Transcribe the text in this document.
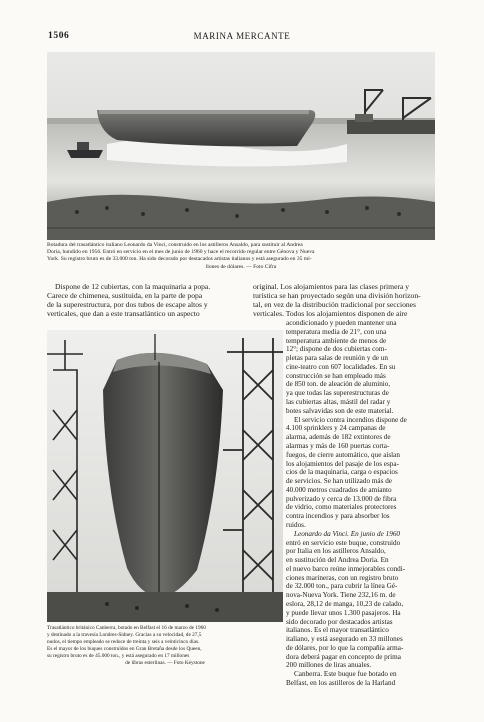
1506	MARINA MERCANTE
Botadura del trasatlántico italiano Leonardo da Vinci, construido en los astilleros Ansaldo, para sustituir al Andrea
Doria, hundido en 1956. Entró en servicio en el mes de junio de 1960 y hace el recorrido regular entre Génova y Nueva
York. Su registro bruto es de 33.000 ton. Ha sido decorado por destacados artistas italianos y está asegurado en 35 mi-
llones de dólares. — Foto Cifra
Dispone de 12 cubiertas, con la maquinaria a popa.
Carece de chimenea, sustituida, en la parte de popa
de la superestructura, por dos tubos de escape altos y
verticales, que dan a este transatlántico un aspecto
original. Los alojamientos para las clases primera y
turística se han proyectado según una división horizon-
tal, en vez de la distribución tradicional por secciones
verticales. Todos los alojamientos disponen de aire
Trasatlántico británico Canberra, botado en Belfast el 16 de marzo de 1960
y destinado a la travesía Londres-Sidney. Gracias a su velocidad, de 27,5
nudos, el tiempo empleado se reduce de treinta y seis a veinticinco días.
Es el mayor de los buques construidos en Gran Bretaña desde los Queen,
su registro bruto es de 45.000 ton., y está asegurado en 17 millones
de libras esterlinas. — Foto Keystone
acondicionado y pueden mantener una
temperatura media de 21°, con una
temperatura ambiente de menos de
12°; dispone de dos cubiertas com-
pletas para salas de reunión y de un
cine-teatro con 607 localidades. En su
construcción se han empleado más
de 850 ton. de aleación de aluminio,
ya que todas las superestructuras de
las cubiertas altas, mástil del radar y
botes salvavidas son de este material.
El servicio contra incendios dispone de
4.100 sprinklers y 24 campanas de
alarma, además de 182 extintores de
alarmas y más de 160 puertas corta-
fuegos, de cierre automático, que aíslan
los alojamientos del pasaje de los espa-
cios de la maquinaria, carga o espacios
de servicios. Se han utilizado más de
40.000 metros cuadrados de amianto
pulverizado y cerca de 13.000 de fibra
de vidrio, como materiales protectores
contra incendios y para absorber los
ruidos.
Leonardo da Vinci. En junio de 1960
entró en servicio este buque, construido
por Italia en los astilleros Ansaldo,
en sustitución del Andrea Doria. En
el nuevo barco reúne inmejorables condi-
ciones marineras, con un registro bruto
de 32.000 ton., para cubrir la línea Gé-
nova-Nueva York. Tiene 232,16 m. de
eslora, 28,12 de manga, 10,23 de calado,
y puede llevar unos 1.300 pasajeros. Ha
sido decorado por destacados artistas
italianos. Es el mayor transatlántico
italiano, y está asegurado en 33 millones
de dólares, por lo que la compañía arma-
dora deberá pagar en concepto de prima
200 millones de liras anuales.
Canberra. Este buque fue botado en
Belfast, en los astilleros de la Harland
